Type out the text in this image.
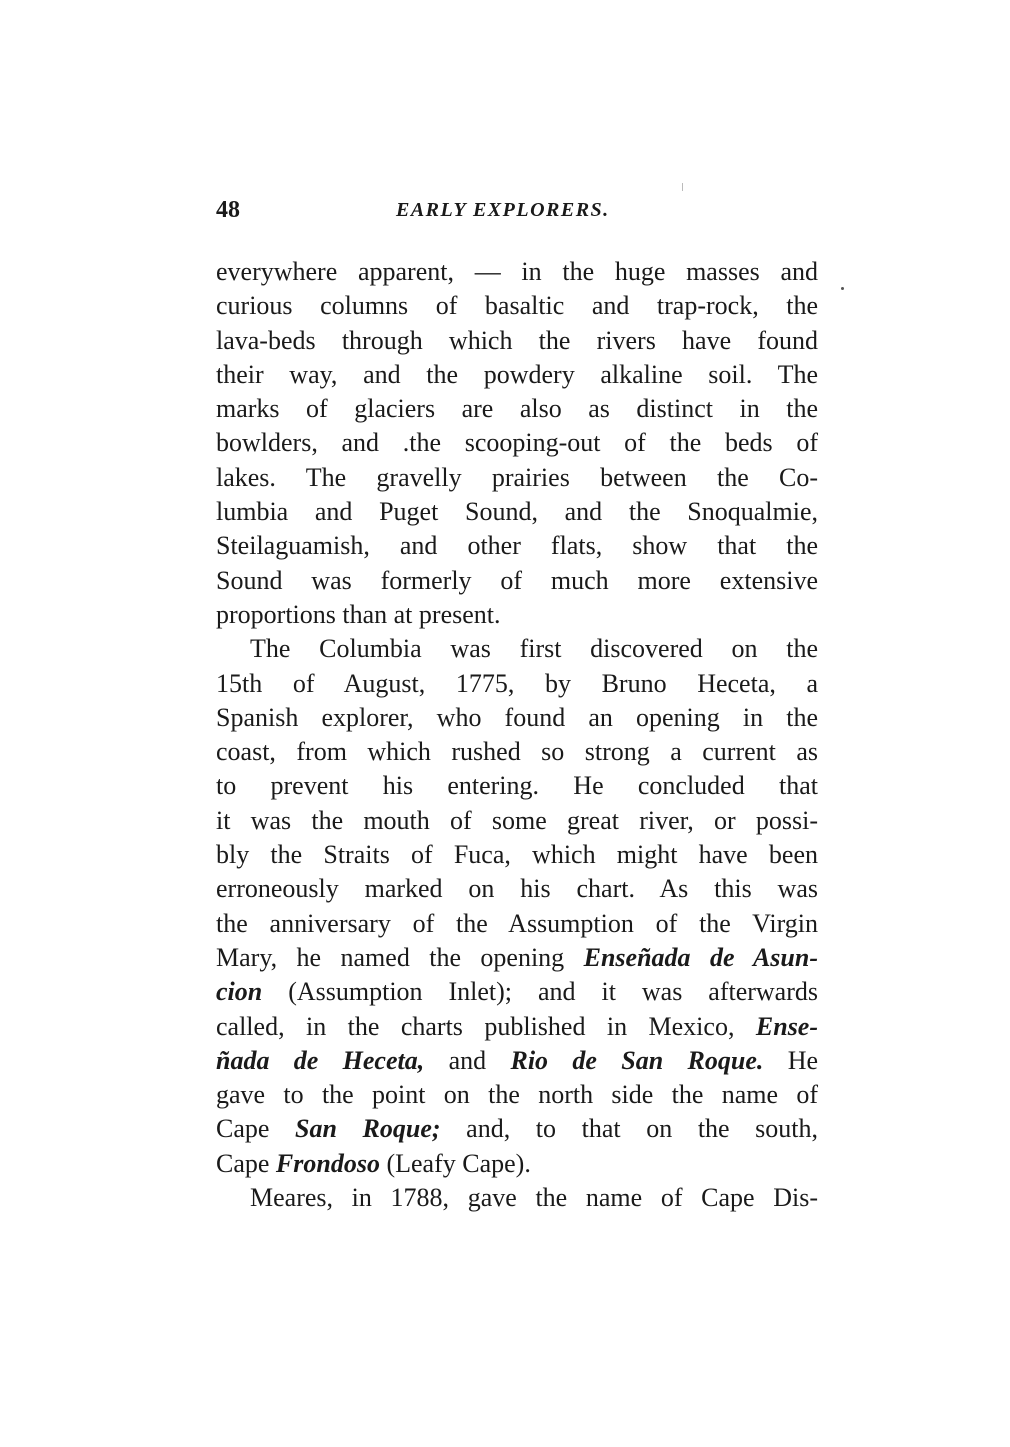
48	EARLY EXPLORERS.
everywhere apparent, — in the huge masses and
curious columns of basaltic and trap-rock, the
lava-beds through which the rivers have found
their way, and the powdery alkaline soil. The
marks of glaciers are also as distinct in the
bowlders, and .the scooping-out of the beds of
lakes. The gravelly prairies between the Co-
lumbia and Puget Sound, and the Snoqualmie,
Steilaguamish, and other flats, show that the
Sound was formerly of much more extensive
proportions than at present.
The Columbia was first discovered on the
15th of August, 1775, by Bruno Heceta, a
Spanish explorer, who found an opening in the
coast, from which rushed so strong a current as
to prevent his entering. He concluded that
it was the mouth of some great river, or possi-
bly the Straits of Fuca, which might have been
erroneously marked on his chart. As this was
the anniversary of the Assumption of the Virgin
Mary, he named the opening Enseñada de Asun-
cion (Assumption Inlet); and it was afterwards
called, in the charts published in Mexico, Ense-
ñada de Heceta, and Rio de San Roque. He
gave to the point on the north side the name of
Cape San Roque; and, to that on the south,
Cape Frondoso (Leafy Cape).
Meares, in 1788, gave the name of Cape Dis-
